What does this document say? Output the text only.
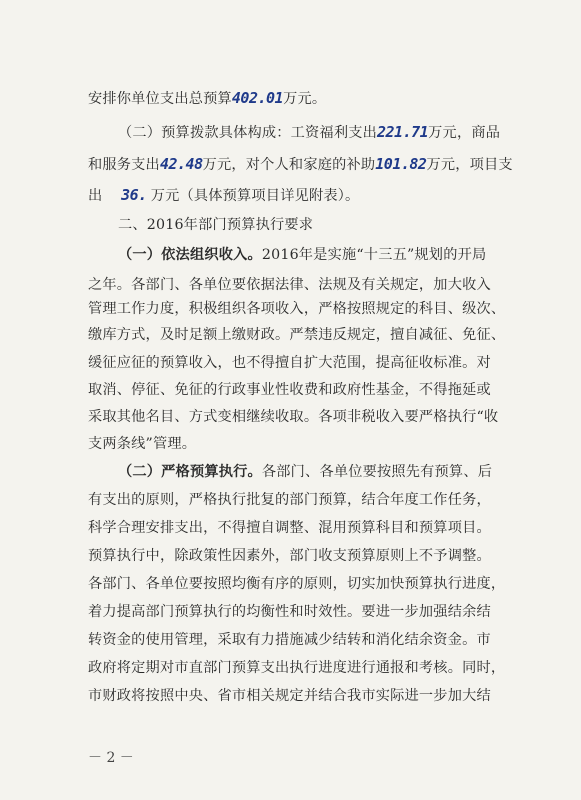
安排你单位支出总预算402.01万元。
（二）预算拨款具体构成：工资福利支出221.71万元，商品
和服务支出42.48万元，对个人和家庭的补助101.82万元，项目支
出 36. 万元（具体预算项目详见附表）。
二、2016年部门预算执行要求
（一）依法组织收入。2016年是实施“十三五”规划的开局
之年。各部门、各单位要依据法律、法规及有关规定，加大收入
管理工作力度，积极组织各项收入，严格按照规定的科目、级次、
缴库方式，及时足额上缴财政。严禁违反规定，擅自减征、免征、
缓征应征的预算收入，也不得擅自扩大范围，提高征收标准。对
取消、停征、免征的行政事业性收费和政府性基金，不得拖延或
采取其他名目、方式变相继续收取。各项非税收入要严格执行“收
支两条线”管理。
（二）严格预算执行。各部门、各单位要按照先有预算、后
有支出的原则，严格执行批复的部门预算，结合年度工作任务，
科学合理安排支出，不得擅自调整、混用预算科目和预算项目。
预算执行中，除政策性因素外，部门收支预算原则上不予调整。
各部门、各单位要按照均衡有序的原则，切实加快预算执行进度，
着力提高部门预算执行的均衡性和时效性。要进一步加强结余结
转资金的使用管理，采取有力措施减少结转和消化结余资金。市
政府将定期对市直部门预算支出执行进度进行通报和考核。同时，
市财政将按照中央、省市相关规定并结合我市实际进一步加大结
－ 2 －
